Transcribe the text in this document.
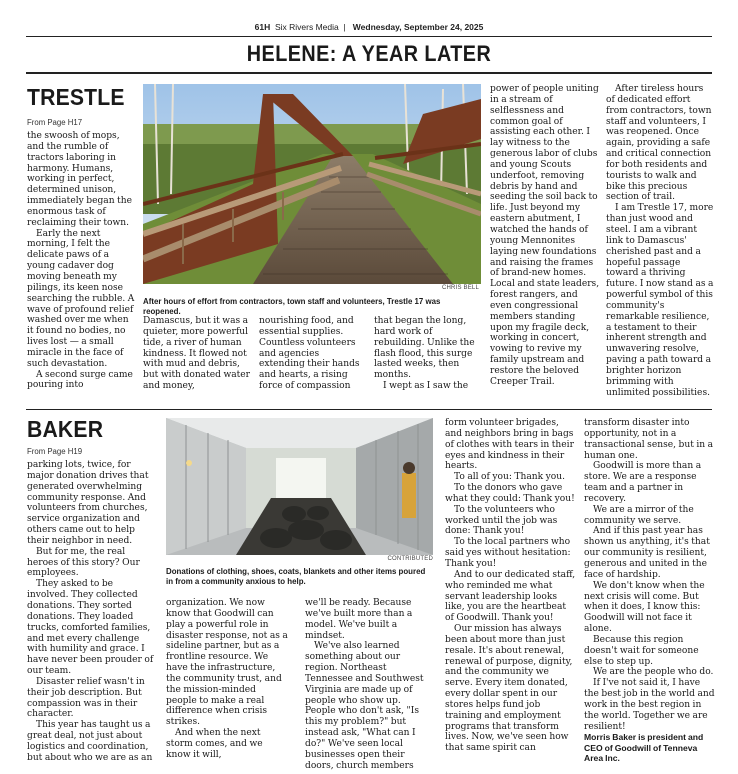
61H Six Rivers Media | Wednesday, September 24, 2025
HELENE: A YEAR LATER
TRESTLE
From Page H17

the swoosh of mops, and the rumble of tractors laboring in harmony. Humans, working in perfect, determined unison, immediately began the enormous task of reclaiming their town.

Early the next morning, I felt the delicate paws of a young cadaver dog moving beneath my pilings, its keen nose searching the rubble. A wave of profound relief washed over me when it found no bodies, no lives lost — a small miracle in the face of such devastation.

A second surge came pouring into

CHRIS BELL
After hours of effort from contractors, town staff and volunteers, Trestle 17 was reopened.

Damascus, but it was a quieter, more powerful tide, a river of human kindness. It flowed not with mud and debris, but with donated water and money,

nourishing food, and essential supplies. Countless volunteers and agencies extending their hands and hearts, a rising force of compassion

that began the long, hard work of rebuilding. Unlike the flash flood, this surge lasted weeks, then months.

I wept as I saw the

power of people uniting in a stream of selflessness and common goal of assisting each other. I lay witness to the generous labor of clubs and young Scouts underfoot, removing debris by hand and seeding the soil back to life. Just beyond my eastern abutment, I watched the hands of young Mennonites laying new foundations and raising the frames of brand-new homes. Local and state leaders, forest rangers, and even congressional members standing upon my fragile deck, working in concert, vowing to revive my family upstream and restore the beloved Creeper Trail.

After tireless hours of dedicated effort from contractors, town staff and volunteers, I was reopened. Once again, providing a safe and critical connection for both residents and tourists to walk and bike this precious section of trail.

I am Trestle 17, more than just wood and steel. I am a vibrant link to Damascus' cherished past and a hopeful passage toward a thriving future. I now stand as a powerful symbol of this community's remarkable resilience, a testament to their inherent strength and unwavering resolve, paving a path toward a brighter horizon brimming with unlimited possibilities.

BAKER
From Page H19

parking lots, twice, for major donation drives that generated overwhelming community response. And volunteers from churches, service organization and others came out to help their neighbor in need.

But for me, the real heroes of this story? Our employees.

They asked to be involved. They collected donations. They sorted donations. They loaded trucks, comforted families, and met every challenge with humility and grace. I have never been prouder of our team.

Disaster relief wasn't in their job description. But compassion was in their character.

This year has taught us a great deal, not just about logistics and coordination, but about who we are as an

CONTRIBUTED
Donations of clothing, shoes, coats, blankets and other items poured in from a community anxious to help.

organization. We now know that Goodwill can play a powerful role in disaster response, not as a sideline partner, but as a frontline resource. We have the infrastructure, the community trust, and the mission-minded people to make a real difference when crisis strikes.

And when the next storm comes, and we know it will,

we'll be ready. Because we've built more than a model. We've built a mindset.

We've also learned something about our region. Northeast Tennessee and Southwest Virginia are made up of people who show up. People who don't ask, "Is this my problem?" but instead ask, "What can I do?" We've seen local businesses open their doors, church members

form volunteer brigades, and neighbors bring in bags of clothes with tears in their eyes and kindness in their hearts.

To all of you: Thank you.

To the donors who gave what they could: Thank you!

To the volunteers who worked until the job was done: Thank you!

To the local partners who said yes without hesitation: Thank you!

And to our dedicated staff, who reminded me what servant leadership looks like, you are the heartbeat of Goodwill. Thank you!

Our mission has always been about more than just resale. It's about renewal, renewal of purpose, dignity, and the community we serve. Every item donated, every dollar spent in our stores helps fund job training and employment programs that transform lives. Now, we've seen how that same spirit can

transform disaster into opportunity, not in a transactional sense, but in a human one.

Goodwill is more than a store. We are a response team and a partner in recovery.

We are a mirror of the community we serve.

And if this past year has shown us anything, it's that our community is resilient, generous and united in the face of hardship.

We don't know when the next crisis will come. But when it does, I know this: Goodwill will not face it alone.

Because this region doesn't wait for someone else to step up.

We are the people who do.

If I've not said it, I have the best job in the world and work in the best region in the world. Together we are resilient!

Morris Baker is president and CEO of Goodwill of Tenneva Area Inc.
